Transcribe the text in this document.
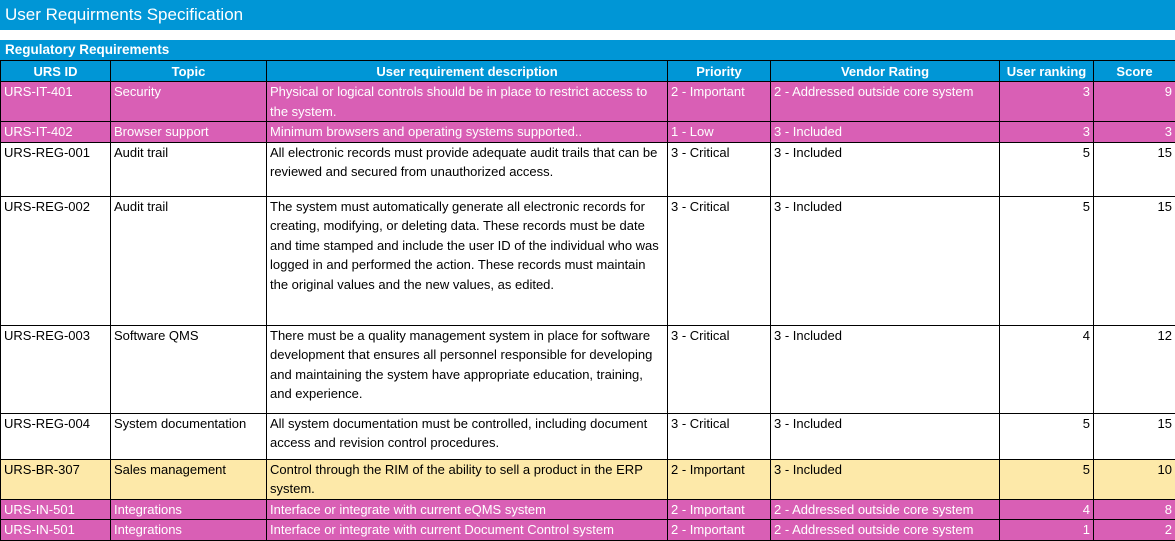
User Requirments Specification
Regulatory Requirements
URS ID	Topic	User requirement description	Priority	Vendor Rating	User ranking	Score
URS-IT-401	Security	Physical or logical controls should be in place to restrict access to the system.	2 - Important	2 - Addressed outside core system	3	9
URS-IT-402	Browser support	Minimum browsers and operating systems supported..	1 - Low	3 - Included	3	3
URS-REG-001	Audit trail	All electronic records must provide adequate audit trails that can be reviewed and secured from unauthorized access.	3 - Critical	3 - Included	5	15
URS-REG-002	Audit trail	The system must automatically generate all electronic records for creating, modifying, or deleting data. These records must be date and time stamped and include the user ID of the individual who was logged in and performed the action. These records must maintain the original values and the new values, as edited.	3 - Critical	3 - Included	5	15
URS-REG-003	Software QMS	There must be a quality management system in place for software development that ensures all personnel responsible for developing and maintaining the system have appropriate education, training, and experience.	3 - Critical	3 - Included	4	12
URS-REG-004	System documentation	All system documentation must be controlled, including document access and revision control procedures.	3 - Critical	3 - Included	5	15
URS-BR-307	Sales management	Control through the RIM of the ability to sell a product in the ERP system.	2 - Important	3 - Included	5	10
URS-IN-501	Integrations	Interface or integrate with current eQMS system	2 - Important	2 - Addressed outside core system	4	8
URS-IN-501	Integrations	Interface or integrate with current Document Control system	2 - Important	2 - Addressed outside core system	1	2
